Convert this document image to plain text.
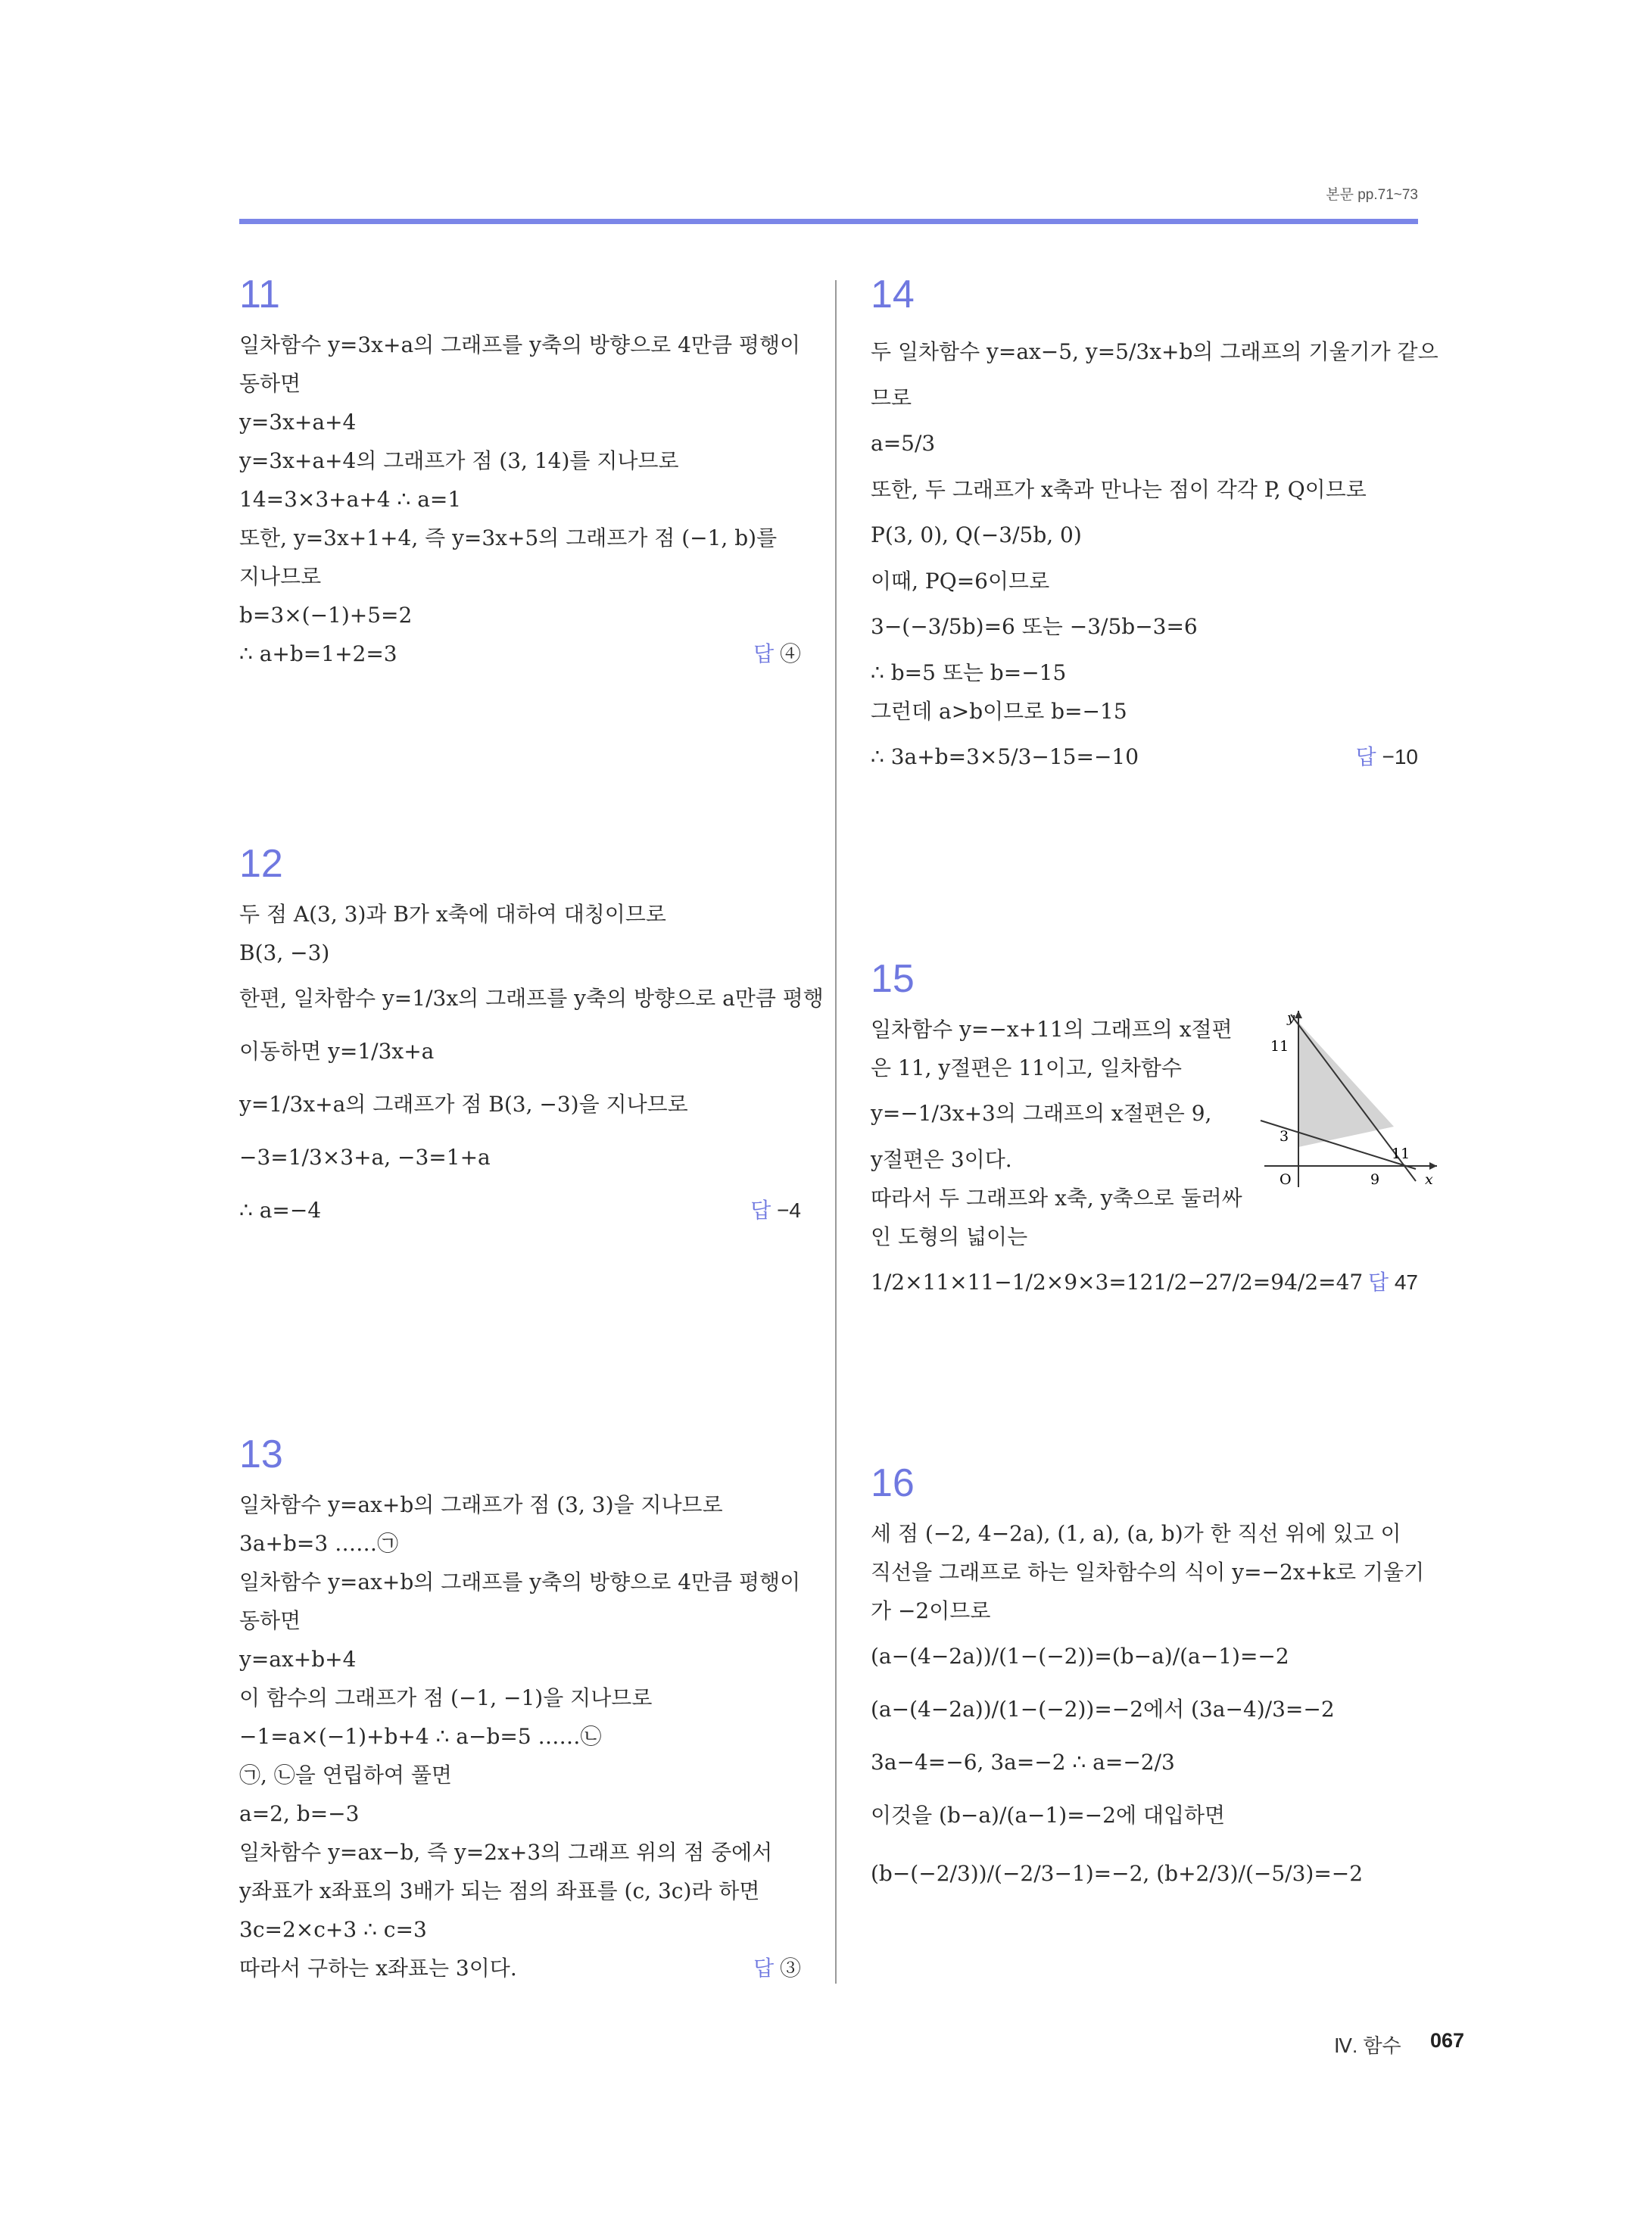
본문 pp.71~73
11
일차함수 y=3x+a의 그래프를 y축의 방향으로 4만큼 평행이
동하면
y=3x+a+4
y=3x+a+4의 그래프가 점 (3, 14)를 지나므로
14=3×3+a+4 ∴ a=1
또한, y=3x+1+4, 즉 y=3x+5의 그래프가 점 (−1, b)를
지나므로
b=3×(−1)+5=2
∴ a+b=1+2=3	답 ④
12
두 점 A(3, 3)과 B가 x축에 대하여 대칭이므로
B(3, −3)
한편, 일차함수 y=1/3x의 그래프를 y축의 방향으로 a만큼 평행
이동하면 y=1/3x+a
y=1/3x+a의 그래프가 점 B(3, −3)을 지나므로
−3=1/3×3+a, −3=1+a
∴ a=−4	답 −4
13
일차함수 y=ax+b의 그래프가 점 (3, 3)을 지나므로
3a+b=3 ……㉠
일차함수 y=ax+b의 그래프를 y축의 방향으로 4만큼 평행이
동하면
y=ax+b+4
이 함수의 그래프가 점 (−1, −1)을 지나므로
−1=a×(−1)+b+4 ∴ a−b=5 ……㉡
㉠, ㉡을 연립하여 풀면
a=2, b=−3
일차함수 y=ax−b, 즉 y=2x+3의 그래프 위의 점 중에서
y좌표가 x좌표의 3배가 되는 점의 좌표를 (c, 3c)라 하면
3c=2×c+3 ∴ c=3
따라서 구하는 x좌표는 3이다.	답 ③
14
두 일차함수 y=ax−5, y=5/3x+b의 그래프의 기울기가 같으
므로
a=5/3
또한, 두 그래프가 x축과 만나는 점이 각각 P, Q이므로
P(3, 0), Q(−3/5b, 0)
이때, PQ=6이므로
3−(−3/5b)=6 또는 −3/5b−3=6
∴ b=5 또는 b=−15
그런데 a>b이므로 b=−15
∴ 3a+b=3×5/3−15=−10	답 −10
15
일차함수 y=−x+11의 그래프의 x절편
은 11, y절편은 11이고, 일차함수
y=−1/3x+3의 그래프의 x절편은 9,
y절편은 3이다.
따라서 두 그래프와 x축, y축으로 둘러싸
인 도형의 넓이는
1/2×11×11−1/2×9×3=121/2−27/2=94/2=47 답 47
y
11
3
O	9
11
x
16
세 점 (−2, 4−2a), (1, a), (a, b)가 한 직선 위에 있고 이
직선을 그래프로 하는 일차함수의 식이 y=−2x+k로 기울기
가 −2이므로
(a−(4−2a))/(1−(−2))=(b−a)/(a−1)=−2
(a−(4−2a))/(1−(−2))=−2에서 (3a−4)/3=−2
3a−4=−6, 3a=−2 ∴ a=−2/3
이것을 (b−a)/(a−1)=−2에 대입하면
(b−(−2/3))/(−2/3−1)=−2, (b+2/3)/(−5/3)=−2
Ⅳ. 함수 067
